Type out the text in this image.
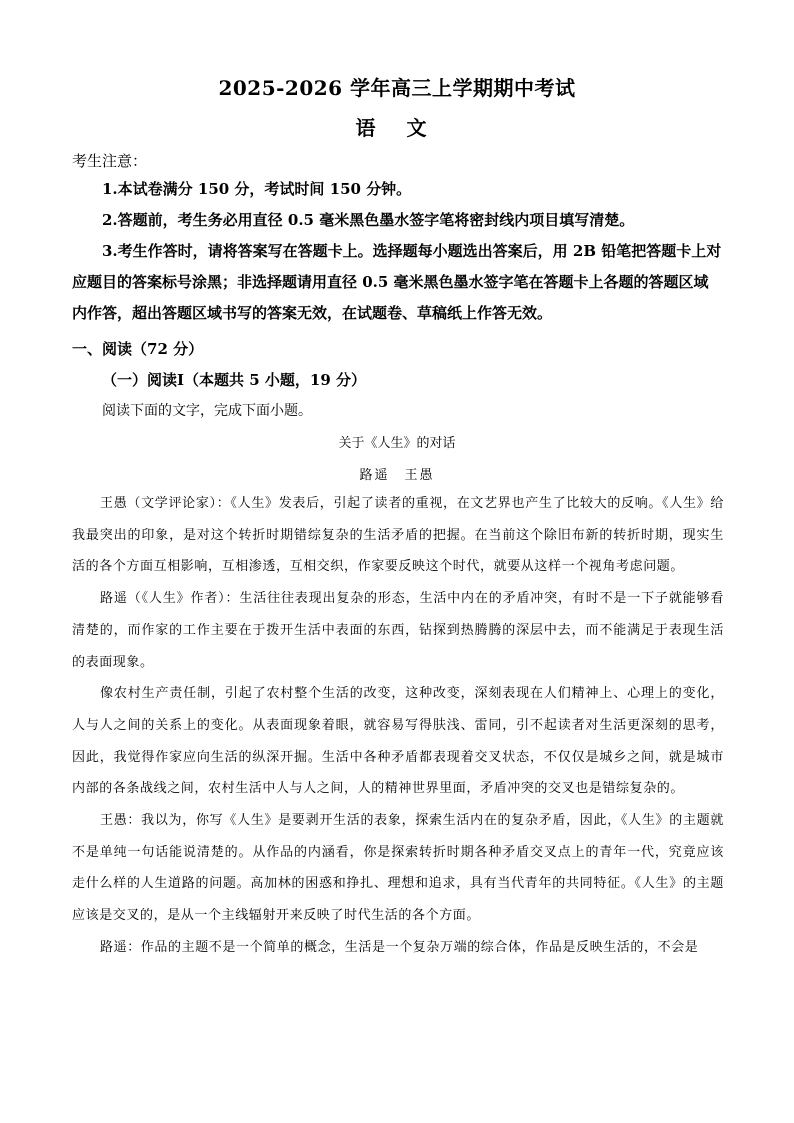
2025-2026 学年高三上学期期中考试
语 文
考生注意：

1.本试卷满分 150 分，考试时间 150 分钟。

2.答题前，考生务必用直径 0.5 毫米黑色墨水签字笔将密封线内项目填写清楚。

3.考生作答时，请将答案写在答题卡上。选择题每小题选出答案后，用 2B 铅笔把答题卡上对应题目的答案标号涂黑；非选择题请用直径 0.5 毫米黑色墨水签字笔在答题卡上各题的答题区域内作答，超出答题区域书写的答案无效，在试题卷、草稿纸上作答无效。

一、阅读（72 分）
（一）阅读Ⅰ（本题共 5 小题，19 分）
阅读下面的文字，完成下面小题。
关于《人生》的对话
路遥　王愚

王愚（文学评论家）：《人生》发表后，引起了读者的重视，在文艺界也产生了比较大的反响。《人生》给我最突出的印象，是对这个转折时期错综复杂的生活矛盾的把握。在当前这个除旧布新的转折时期，现实生活的各个方面互相影响，互相渗透，互相交织，作家要反映这个时代，就要从这样一个视角考虑问题。

路遥（《人生》作者）：生活往往表现出复杂的形态，生活中内在的矛盾冲突，有时不是一下子就能够看清楚的，而作家的工作主要在于拨开生活中表面的东西，钻探到热腾腾的深层中去，而不能满足于表现生活的表面现象。

像农村生产责任制，引起了农村整个生活的改变，这种改变，深刻表现在人们精神上、心理上的变化，人与人之间的关系上的变化。从表面现象着眼，就容易写得肤浅、雷同，引不起读者对生活更深刻的思考，因此，我觉得作家应向生活的纵深开掘。生活中各种矛盾都表现着交叉状态，不仅仅是城乡之间，就是城市内部的各条战线之间，农村生活中人与人之间，人的精神世界里面，矛盾冲突的交叉也是错综复杂的。

王愚：我以为，你写《人生》是要剥开生活的表象，探索生活内在的复杂矛盾，因此，《人生》的主题就不是单纯一句话能说清楚的。从作品的内涵看，你是探索转折时期各种矛盾交叉点上的青年一代，究竟应该走什么样的人生道路的问题。高加林的困惑和挣扎、理想和追求，具有当代青年的共同特征。《人生》的主题应该是交叉的，是从一个主线辐射开来反映了时代生活的各个方面。

路遥：作品的主题不是一个简单的概念，生活是一个复杂万端的综合体，作品是反映生活的，不会是
